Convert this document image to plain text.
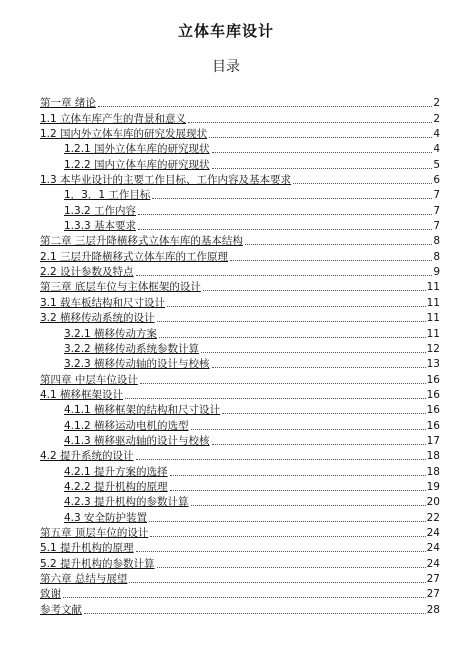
立体车库设计
目录
第一章 绪论	2
1.1 立体车库产生的背景和意义	2
1.2 国内外立体车库的研究发展现状	4
1.2.1 国外立体车库的研究现状	4
1.2.2 国内立体车库的研究现状	5
1.3 本毕业设计的主要工作目标、工作内容及基本要求	6
1．3．1 工作目标	7
1.3.2 工作内容	7
1.3.3 基本要求	7
第二章 三层升降横移式立体车库的基本结构	8
2.1 三层升降横移式立体车库的工作原理	8
2.2 设计参数及特点	9
第三章 底层车位与主体框架的设计	11
3.1 载车板结构和尺寸设计	11
3.2 横移传动系统的设计	11
3.2.1 横移传动方案	11
3.2.2 横移传动系统参数计算	12
3.2.3 横移传动轴的设计与校核	13
第四章 中层车位设计	16
4.1 横移框架设计	16
4.1.1 横移框架的结构和尺寸设计	16
4.1.2 横移运动电机的选型	16
4.1.3 横移驱动轴的设计与校核	17
4.2 提升系统的设计	18
4.2.1 提升方案的选择	18
4.2.2 提升机构的原理	19
4.2.3 提升机构的参数计算	20
4.3 安全防护装置	22
第五章 顶层车位的设计	24
5.1 提升机构的原理	24
5.2 提升机构的参数计算	24
第六章 总结与展望	27
致谢	27
参考文献	28
